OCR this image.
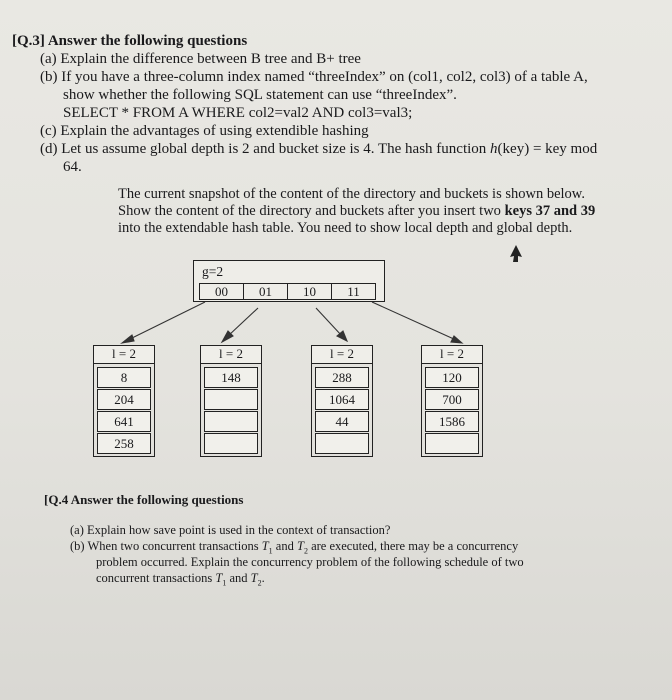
[Q.3] Answer the following questions
(a) Explain the difference between B tree and B+ tree
(b) If you have a three-column index named “threeIndex” on (col1, col2, col3) of a table A,
show whether the following SQL statement can use “threeIndex”.
SELECT * FROM A WHERE col2=val2 AND col3=val3;
(c) Explain the advantages of using extendible hashing
(d) Let us assume global depth is 2 and bucket size is 4. The hash function h(key) = key mod
64.
The current snapshot of the content of the directory and buckets is shown below.
Show the content of the directory and buckets after you insert two keys 37 and 39
into the extendable hash table. You need to show local depth and global depth.
g=2
00	01	10	11
l = 2
8
204
641
258
l = 2
148
l = 2
288
1064
44
l = 2
120
700
1586
[Q.4 Answer the following questions
(a) Explain how save point is used in the context of transaction?
(b) When two concurrent transactions $T_1$ and $T_2$ are executed, there may be a concurrency
problem occurred. Explain the concurrency problem of the following schedule of two
concurrent transactions $T_1$ and $T_2$.
